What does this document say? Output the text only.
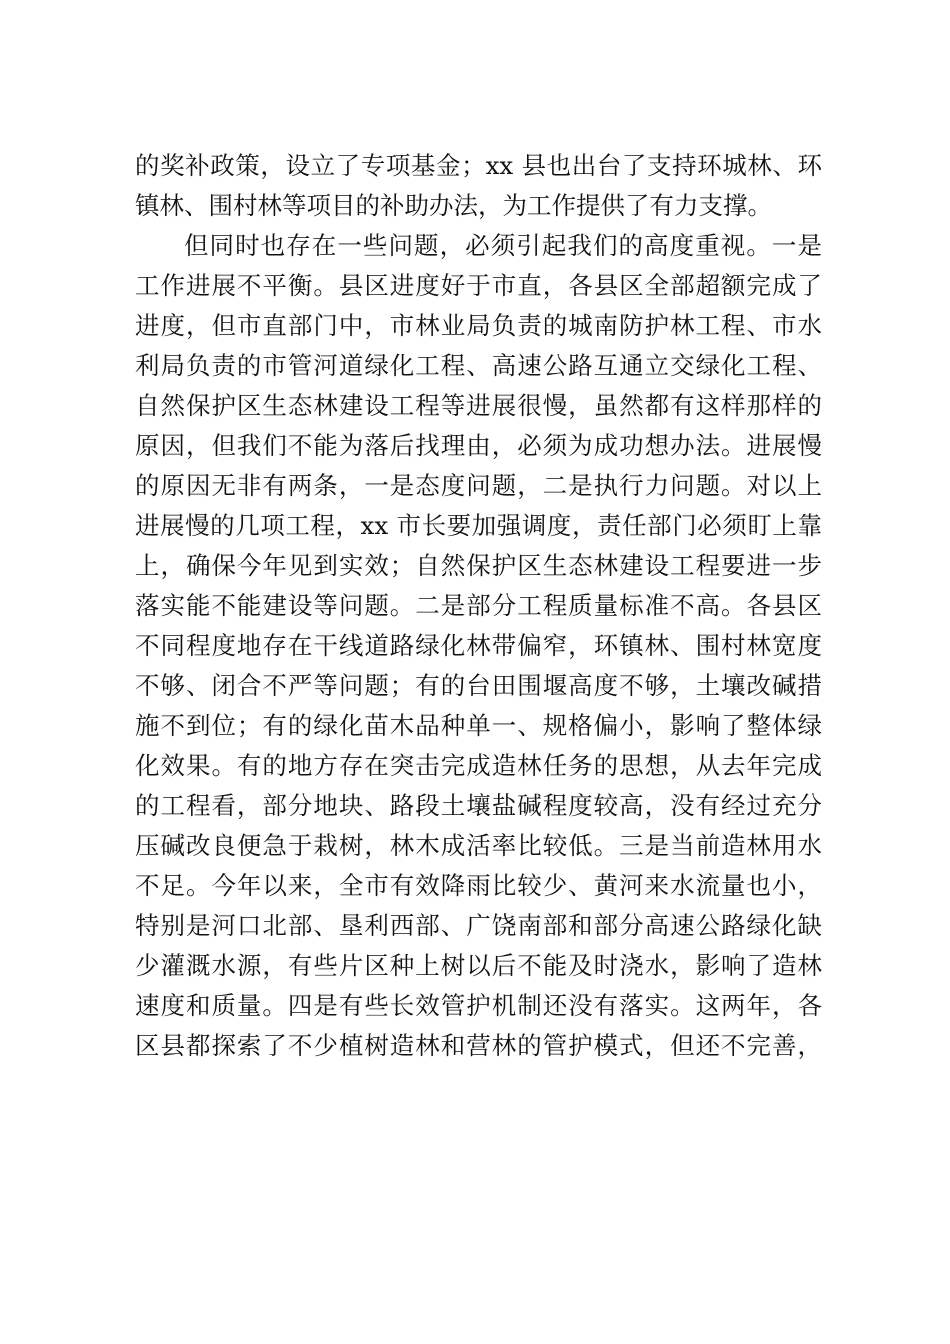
的奖补政策，设立了专项基金；xx 县也出台了支持环城林、环
镇林、围村林等项目的补助办法，为工作提供了有力支撑。
但同时也存在一些问题，必须引起我们的高度重视。一是
工作进展不平衡。县区进度好于市直，各县区全部超额完成了
进度，但市直部门中，市林业局负责的城南防护林工程、市水
利局负责的市管河道绿化工程、高速公路互通立交绿化工程、
自然保护区生态林建设工程等进展很慢，虽然都有这样那样的
原因，但我们不能为落后找理由，必须为成功想办法。进展慢
的原因无非有两条，一是态度问题，二是执行力问题。对以上
进展慢的几项工程，xx 市长要加强调度，责任部门必须盯上靠
上，确保今年见到实效；自然保护区生态林建设工程要进一步
落实能不能建设等问题。二是部分工程质量标准不高。各县区
不同程度地存在干线道路绿化林带偏窄，环镇林、围村林宽度
不够、闭合不严等问题；有的台田围堰高度不够，土壤改碱措
施不到位；有的绿化苗木品种单一、规格偏小，影响了整体绿
化效果。有的地方存在突击完成造林任务的思想，从去年完成
的工程看，部分地块、路段土壤盐碱程度较高，没有经过充分
压碱改良便急于栽树，林木成活率比较低。三是当前造林用水
不足。今年以来，全市有效降雨比较少、黄河来水流量也小，
特别是河口北部、垦利西部、广饶南部和部分高速公路绿化缺
少灌溉水源，有些片区种上树以后不能及时浇水，影响了造林
速度和质量。四是有些长效管护机制还没有落实。这两年，各
区县都探索了不少植树造林和营林的管护模式，但还不完善，
